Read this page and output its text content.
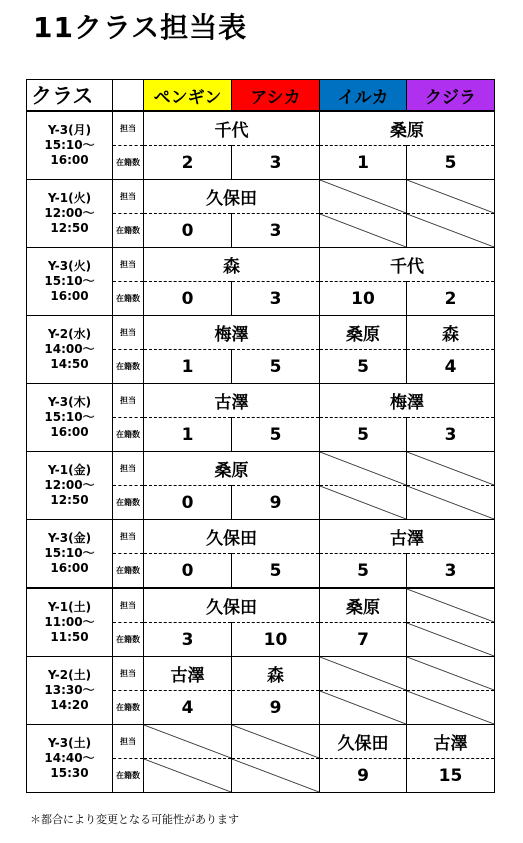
11クラス担当表
クラス		ペンギン	アシカ	イルカ	クジラ

Y-3(月)
15:10〜
16:00	担当	千代		桑原	
	在籍数	2	3	1	5

Y-1(火)
12:00〜
12:50	担当	久保田			
	在籍数	0	3		

Y-3(火)
15:10〜
16:00	担当	森		千代	
	在籍数	0	3	10	2

Y-2(水)
14:00〜
14:50	担当	梅澤		桑原	森
	在籍数	1	5	5	4

Y-3(木)
15:10〜
16:00	担当	古澤		梅澤	
	在籍数	1	5	5	3

Y-1(金)
12:00〜
12:50	担当	桑原			
	在籍数	0	9		

Y-3(金)
15:10〜
16:00	担当	久保田		古澤	
	在籍数	0	5	5	3

Y-1(土)
11:00〜
11:50	担当	久保田		桑原	
	在籍数	3	10	7	

Y-2(土)
13:30〜
14:20	担当	古澤	森		
	在籍数	4	9		

Y-3(土)
14:40〜
15:30	担当			久保田	古澤
	在籍数			9	15
＊都合により変更となる可能性があります
